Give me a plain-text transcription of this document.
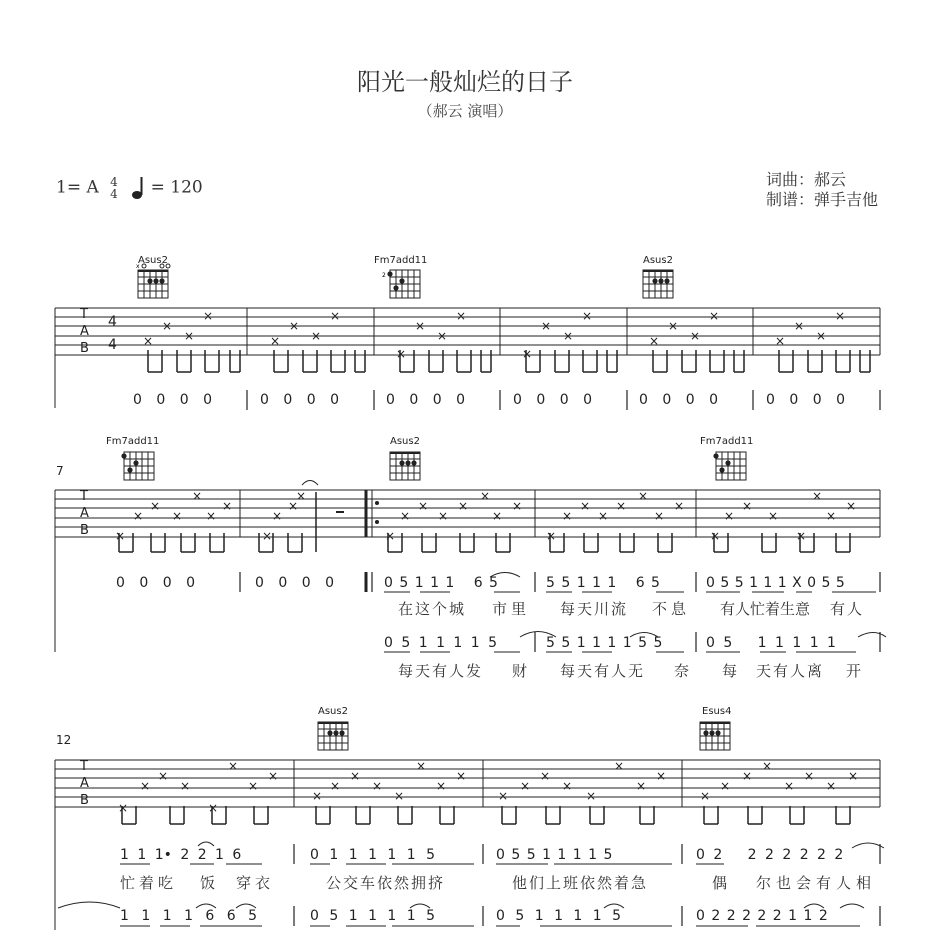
阳光一般灿烂的日子
（郝云 演唱）
1= A 4
4 = 120	词曲：郝云
制谱：弹手吉他
Asus2	Fm7add11	Asus2
x
2
T
A
B
4
4 ×
×
×
×
×
×
×
×
×
×
×
×
×
×
×
×
×
×
×
×
×
×
×
×
T
A
B ×
×
×
×
×
×
×
×
×
×
×
×
×
×
×
×
×
×
×
×
×
×
×
×
×
×
×
×
×
×
×
×
×
×
×
T
A
B ×
×
×
×
×
×
×
×
×
×
×
×
×
×
×
×
×
×
×
×
×
×
×
×
×
×
×
×
×
×
×
×
0 0 0 0	0 0 0 0	0 0 0 0	0 0 0 0	0 0 0 0	0 0 0 0
Fm7add11	Asus2	Fm7add11
7
0 0 0 0	0 0 0 0	0 5 1 1 1   6 5	5 5 1 1 1   6 5	0 5 5 1 1 1 X 0 5 5
在这个城 市里 每天川流 不息 有人忙着生意 有人
0 5 1 1 1 1 5	5 5 1 1 1 1 5 5	0 5   1 1 1 1 1
每天有人发 财 每天有人无 奈 每 天有人离 开
Asus2	Esus4
12
1 1 1• 2 2 1 6	0 1 1 1 1 1 5	0 5 5 1 1 1 1 5	0 2   2 2 2 2 2 2
忙着吃 饭 穿衣	公交车依然拥挤	他们上班依然着急	偶 尔也会有人相
1 1 1 1 6 6 5	0 5 1 1 1 1 5	0 5 1 1 1 1 5	0 2 2 2 2 2 1 1 2
